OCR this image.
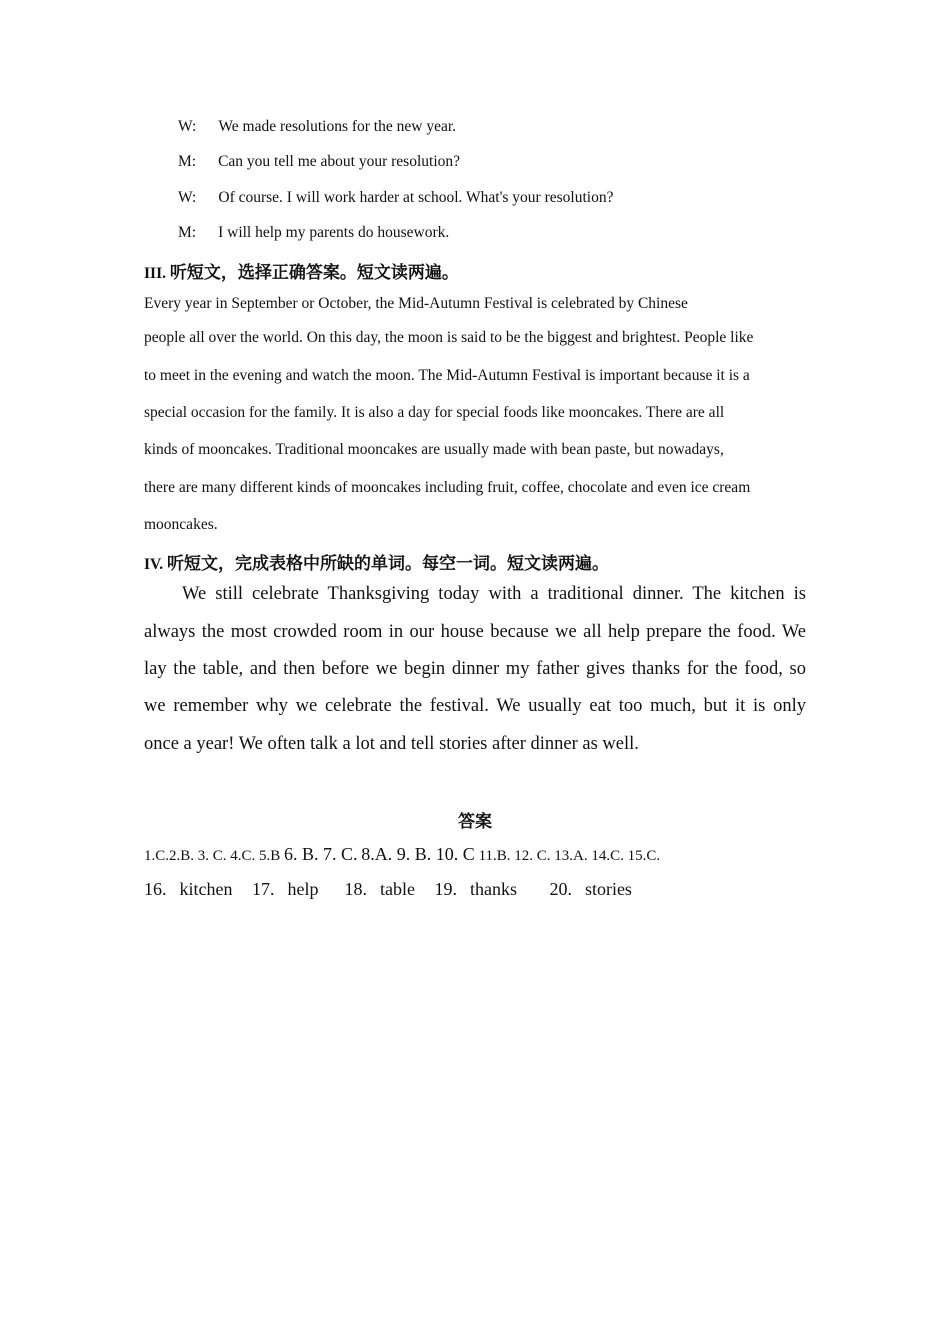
W: We made resolutions for the new year.
M: Can you tell me about your resolution?
W: Of course. I will work harder at school. What's your resolution?
M: I will help my parents do housework.
III. 听短文，选择正确答案。短文读两遍。
Every year in September or October, the Mid-Autumn Festival is celebrated by Chinese
people all over the world. On this day, the moon is said to be the biggest and brightest. People like
to meet in the evening and watch the moon. The Mid-Autumn Festival is important because it is a
special occasion for the family. It is also a day for special foods like mooncakes. There are all
kinds of mooncakes. Traditional mooncakes are usually made with bean paste, but nowadays,
there are many different kinds of mooncakes including fruit, coffee, chocolate and even ice cream
mooncakes.
IV. 听短文，完成表格中所缺的单词。每空一词。短文读两遍。
We still celebrate Thanksgiving today with a traditional dinner. The kitchen is
always the most crowded room in our house because we all help prepare the food. We
lay the table, and then before we begin dinner my father gives thanks for the food, so
we remember why we celebrate the festival. We usually eat too much, but it is only
once a year! We often talk a lot and tell stories after dinner as well.
答案
1.C.2.B. 3. C. 4.C. 5.B 6. B. 7. C. 8.A. 9. B. 10. C 11.B. 12. C. 13.A. 14.C. 15.C.
16.  kitchen   17.  help    18.  table   19.  thanks     20.  stories
